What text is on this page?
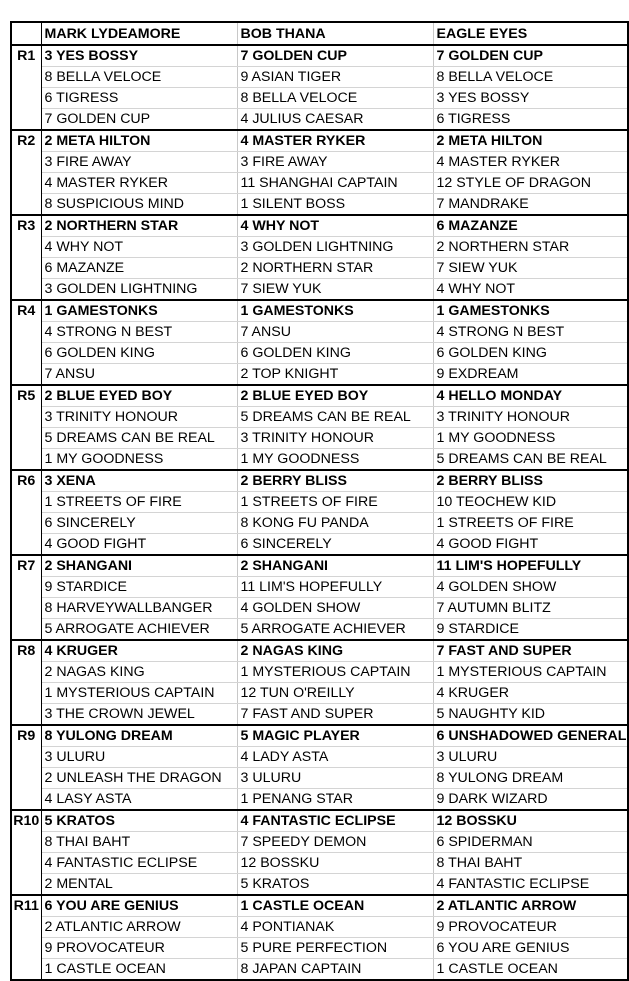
	MARK LYDEAMORE	BOB THANA	EAGLE EYES
R1	3 YES BOSSY	7 GOLDEN CUP	7 GOLDEN CUP
	8 BELLA VELOCE	9 ASIAN TIGER	8 BELLA VELOCE
	6 TIGRESS	8 BELLA VELOCE	3 YES BOSSY
	7 GOLDEN CUP	4 JULIUS CAESAR	6 TIGRESS
R2	2 META HILTON	4 MASTER RYKER	2 META HILTON
	3 FIRE AWAY	3 FIRE AWAY	4 MASTER RYKER
	4 MASTER RYKER	11 SHANGHAI CAPTAIN	12 STYLE OF DRAGON
	8 SUSPICIOUS MIND	1 SILENT BOSS	7 MANDRAKE
R3	2 NORTHERN STAR	4 WHY NOT	6 MAZANZE
	4 WHY NOT	3 GOLDEN LIGHTNING	2 NORTHERN STAR
	6 MAZANZE	2 NORTHERN STAR	7 SIEW YUK
	3 GOLDEN LIGHTNING	7 SIEW YUK	4 WHY NOT
R4	1 GAMESTONKS	1 GAMESTONKS	1 GAMESTONKS
	4 STRONG N BEST	7 ANSU	4 STRONG N BEST
	6 GOLDEN KING	6 GOLDEN KING	6 GOLDEN KING
	7 ANSU	2 TOP KNIGHT	9 EXDREAM
R5	2 BLUE EYED BOY	2 BLUE EYED BOY	4 HELLO MONDAY
	3 TRINITY HONOUR	5 DREAMS CAN BE REAL	3 TRINITY HONOUR
	5 DREAMS CAN BE REAL	3 TRINITY HONOUR	1 MY GOODNESS
	1 MY GOODNESS	1 MY GOODNESS	5 DREAMS CAN BE REAL
R6	3 XENA	2 BERRY BLISS	2 BERRY BLISS
	1 STREETS OF FIRE	1 STREETS OF FIRE	10 TEOCHEW KID
	6 SINCERELY	8 KONG FU PANDA	1 STREETS OF FIRE
	4 GOOD FIGHT	6 SINCERELY	4 GOOD FIGHT
R7	2 SHANGANI	2 SHANGANI	11 LIM'S HOPEFULLY
	9 STARDICE	11 LIM'S HOPEFULLY	4 GOLDEN SHOW
	8 HARVEYWALLBANGER	4 GOLDEN SHOW	7 AUTUMN BLITZ
	5 ARROGATE ACHIEVER	5 ARROGATE ACHIEVER	9 STARDICE
R8	4 KRUGER	2 NAGAS KING	7 FAST AND SUPER
	2 NAGAS KING	1 MYSTERIOUS CAPTAIN	1 MYSTERIOUS CAPTAIN
	1 MYSTERIOUS CAPTAIN	12 TUN O'REILLY	4 KRUGER
	3 THE CROWN JEWEL	7 FAST AND SUPER	5 NAUGHTY KID
R9	8 YULONG DREAM	5 MAGIC PLAYER	6 UNSHADOWED GENERAL
	3 ULURU	4 LADY ASTA	3 ULURU
	2 UNLEASH THE DRAGON	3 ULURU	8 YULONG DREAM
	4 LASY ASTA	1 PENANG STAR	9 DARK WIZARD
R10	5 KRATOS	4 FANTASTIC ECLIPSE	12 BOSSKU
	8 THAI BAHT	7 SPEEDY DEMON	6 SPIDERMAN
	4 FANTASTIC ECLIPSE	12 BOSSKU	8 THAI BAHT
	2 MENTAL	5 KRATOS	4 FANTASTIC ECLIPSE
R11	6 YOU ARE GENIUS	1 CASTLE OCEAN	2 ATLANTIC ARROW
	2 ATLANTIC ARROW	4 PONTIANAK	9 PROVOCATEUR
	9 PROVOCATEUR	5 PURE PERFECTION	6 YOU ARE GENIUS
	1 CASTLE OCEAN	8 JAPAN CAPTAIN	1 CASTLE OCEAN
